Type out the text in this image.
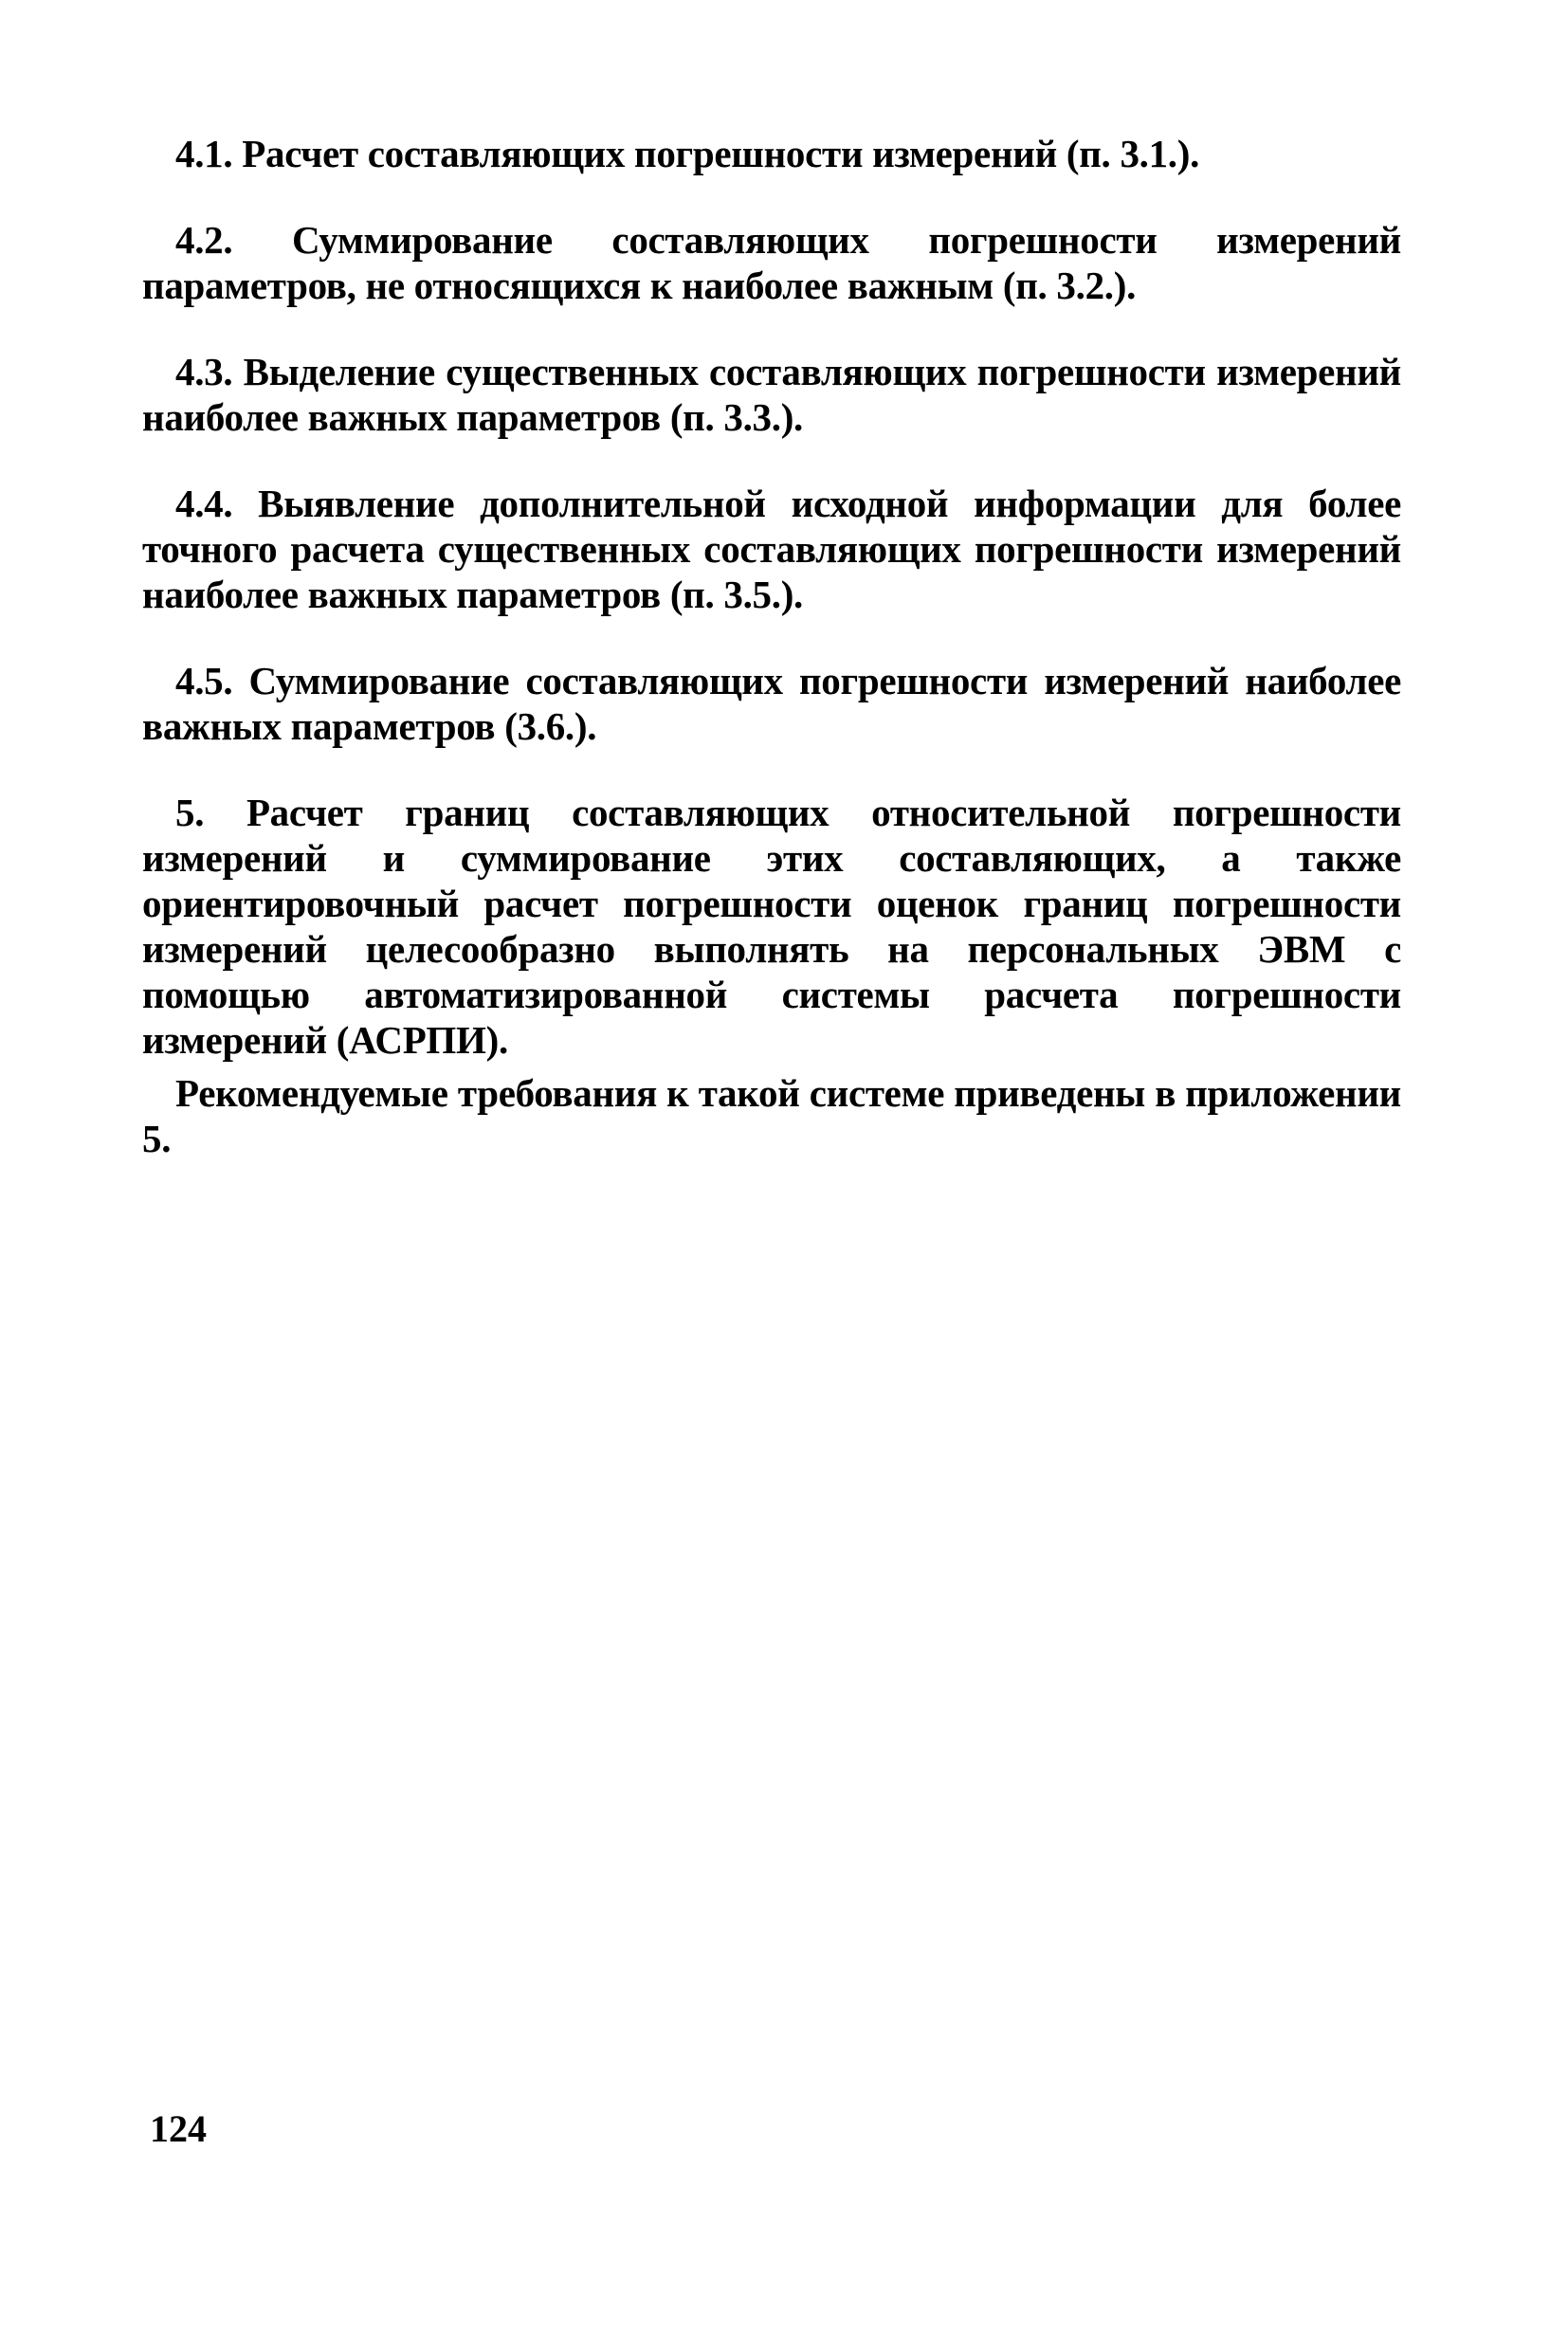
4.1. Расчет составляющих погрешности измерений (п. 3.1.).

4.2. Суммирование составляющих погрешности измерений параметров, не относящихся к наиболее важным (п. 3.2.).

4.3. Выделение существенных составляющих погрешности измерений наиболее важных параметров (п. 3.3.).

4.4. Выявление дополнительной исходной информации для более точного расчета существенных составляющих погрешности измерений наиболее важных параметров (п. 3.5.).

4.5. Суммирование составляющих погрешности измерений наиболее важных параметров (3.6.).

5. Расчет границ составляющих относительной погрешности измерений и суммирование этих составляющих, а также ориентировочный расчет погрешности оценок границ погрешности измерений целесообразно выполнять на персональных ЭВМ с помощью автоматизированной системы расчета погрешности измерений (АСРПИ).

Рекомендуемые требования к такой системе приведены в приложении 5.

124
